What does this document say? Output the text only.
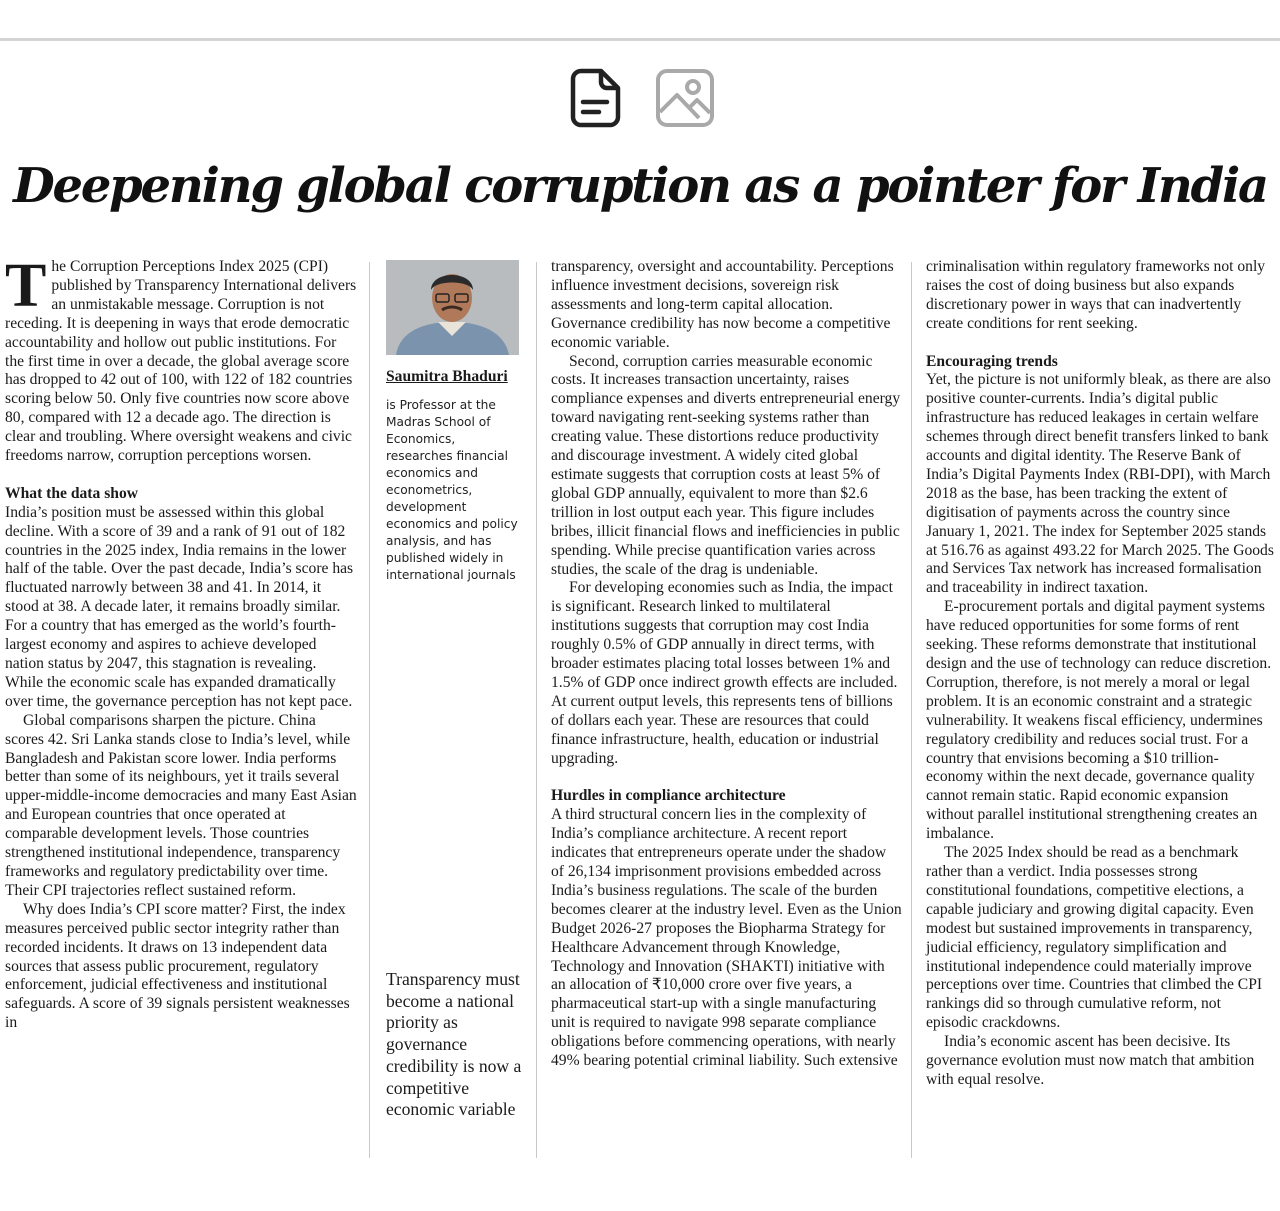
Deepening global corruption as a pointer for India

The Corruption Perceptions Index 2025 (CPI) published by Transparency International delivers an unmistakable message. Corruption is not receding. It is deepening in ways that erode democratic accountability and hollow out public institutions. For the first time in over a decade, the global average score has dropped to 42 out of 100, with 122 of 182 countries scoring below 50. Only five countries now score above 80, compared with 12 a decade ago. The direction is clear and troubling. Where oversight weakens and civic freedoms narrow, corruption perceptions worsen.

What the data show

India’s position must be assessed within this global decline. With a score of 39 and a rank of 91 out of 182 countries in the 2025 index, India remains in the lower half of the table. Over the past decade, India’s score has fluctuated narrowly between 38 and 41. In 2014, it stood at 38. A decade later, it remains broadly similar. For a country that has emerged as the world’s fourth-largest economy and aspires to achieve developed nation status by 2047, this stagnation is revealing. While the economic scale has expanded dramatically over time, the governance perception has not kept pace.

Global comparisons sharpen the picture. China scores 42. Sri Lanka stands close to India’s level, while Bangladesh and Pakistan score lower. India performs better than some of its neighbours, yet it trails several upper-middle-income democracies and many East Asian and European countries that once operated at comparable development levels. Those countries strengthened institutional independence, transparency frameworks and regulatory predictability over time. Their CPI trajectories reflect sustained reform.

Why does India’s CPI score matter? First, the index measures perceived public sector integrity rather than recorded incidents. It draws on 13 independent data sources that assess public procurement, regulatory enforcement, judicial effectiveness and institutional safeguards. A score of 39 signals persistent weaknesses in

Saumitra Bhaduri
is Professor at the Madras School of Economics, researches financial economics and econometrics, development economics and policy analysis, and has published widely in international journals
Transparency must become a national priority as governance credibility is now a competitive economic variable

transparency, oversight and accountability. Perceptions influence investment decisions, sovereign risk assessments and long-term capital allocation. Governance credibility has now become a competitive economic variable.

Second, corruption carries measurable economic costs. It increases transaction uncertainty, raises compliance expenses and diverts entrepreneurial energy toward navigating rent-seeking systems rather than creating value. These distortions reduce productivity and discourage investment. A widely cited global estimate suggests that corruption costs at least 5% of global GDP annually, equivalent to more than $2.6 trillion in lost output each year. This figure includes bribes, illicit financial flows and inefficiencies in public spending. While precise quantification varies across studies, the scale of the drag is undeniable.

For developing economies such as India, the impact is significant. Research linked to multilateral institutions suggests that corruption may cost India roughly 0.5% of GDP annually in direct terms, with broader estimates placing total losses between 1% and 1.5% of GDP once indirect growth effects are included. At current output levels, this represents tens of billions of dollars each year. These are resources that could finance infrastructure, health, education or industrial upgrading.

Hurdles in compliance architecture

A third structural concern lies in the complexity of India’s compliance architecture. A recent report indicates that entrepreneurs operate under the shadow of 26,134 imprisonment provisions embedded across India’s business regulations. The scale of the burden becomes clearer at the industry level. Even as the Union Budget 2026-27 proposes the Biopharma Strategy for Healthcare Advancement through Knowledge, Technology and Innovation (SHAKTI) initiative with an allocation of ₹10,000 crore over five years, a pharmaceutical start-up with a single manufacturing unit is required to navigate 998 separate compliance obligations before commencing operations, with nearly 49% bearing potential criminal liability. Such extensive

criminalisation within regulatory frameworks not only raises the cost of doing business but also expands discretionary power in ways that can inadvertently create conditions for rent seeking.

Encouraging trends

Yet, the picture is not uniformly bleak, as there are also positive counter-currents. India’s digital public infrastructure has reduced leakages in certain welfare schemes through direct benefit transfers linked to bank accounts and digital identity. The Reserve Bank of India’s Digital Payments Index (RBI-DPI), with March 2018 as the base, has been tracking the extent of digitisation of payments across the country since January 1, 2021. The index for September 2025 stands at 516.76 as against 493.22 for March 2025. The Goods and Services Tax network has increased formalisation and traceability in indirect taxation.

E-procurement portals and digital payment systems have reduced opportunities for some forms of rent seeking. These reforms demonstrate that institutional design and the use of technology can reduce discretion. Corruption, therefore, is not merely a moral or legal problem. It is an economic constraint and a strategic vulnerability. It weakens fiscal efficiency, undermines regulatory credibility and reduces social trust. For a country that envisions becoming a $10 trillion- economy within the next decade, governance quality cannot remain static. Rapid economic expansion without parallel institutional strengthening creates an imbalance.

The 2025 Index should be read as a benchmark rather than a verdict. India possesses strong constitutional foundations, competitive elections, a capable judiciary and growing digital capacity. Even modest but sustained improvements in transparency, judicial efficiency, regulatory simplification and institutional independence could materially improve perceptions over time. Countries that climbed the CPI rankings did so through cumulative reform, not episodic crackdowns.

India’s economic ascent has been decisive. Its governance evolution must now match that ambition with equal resolve.
